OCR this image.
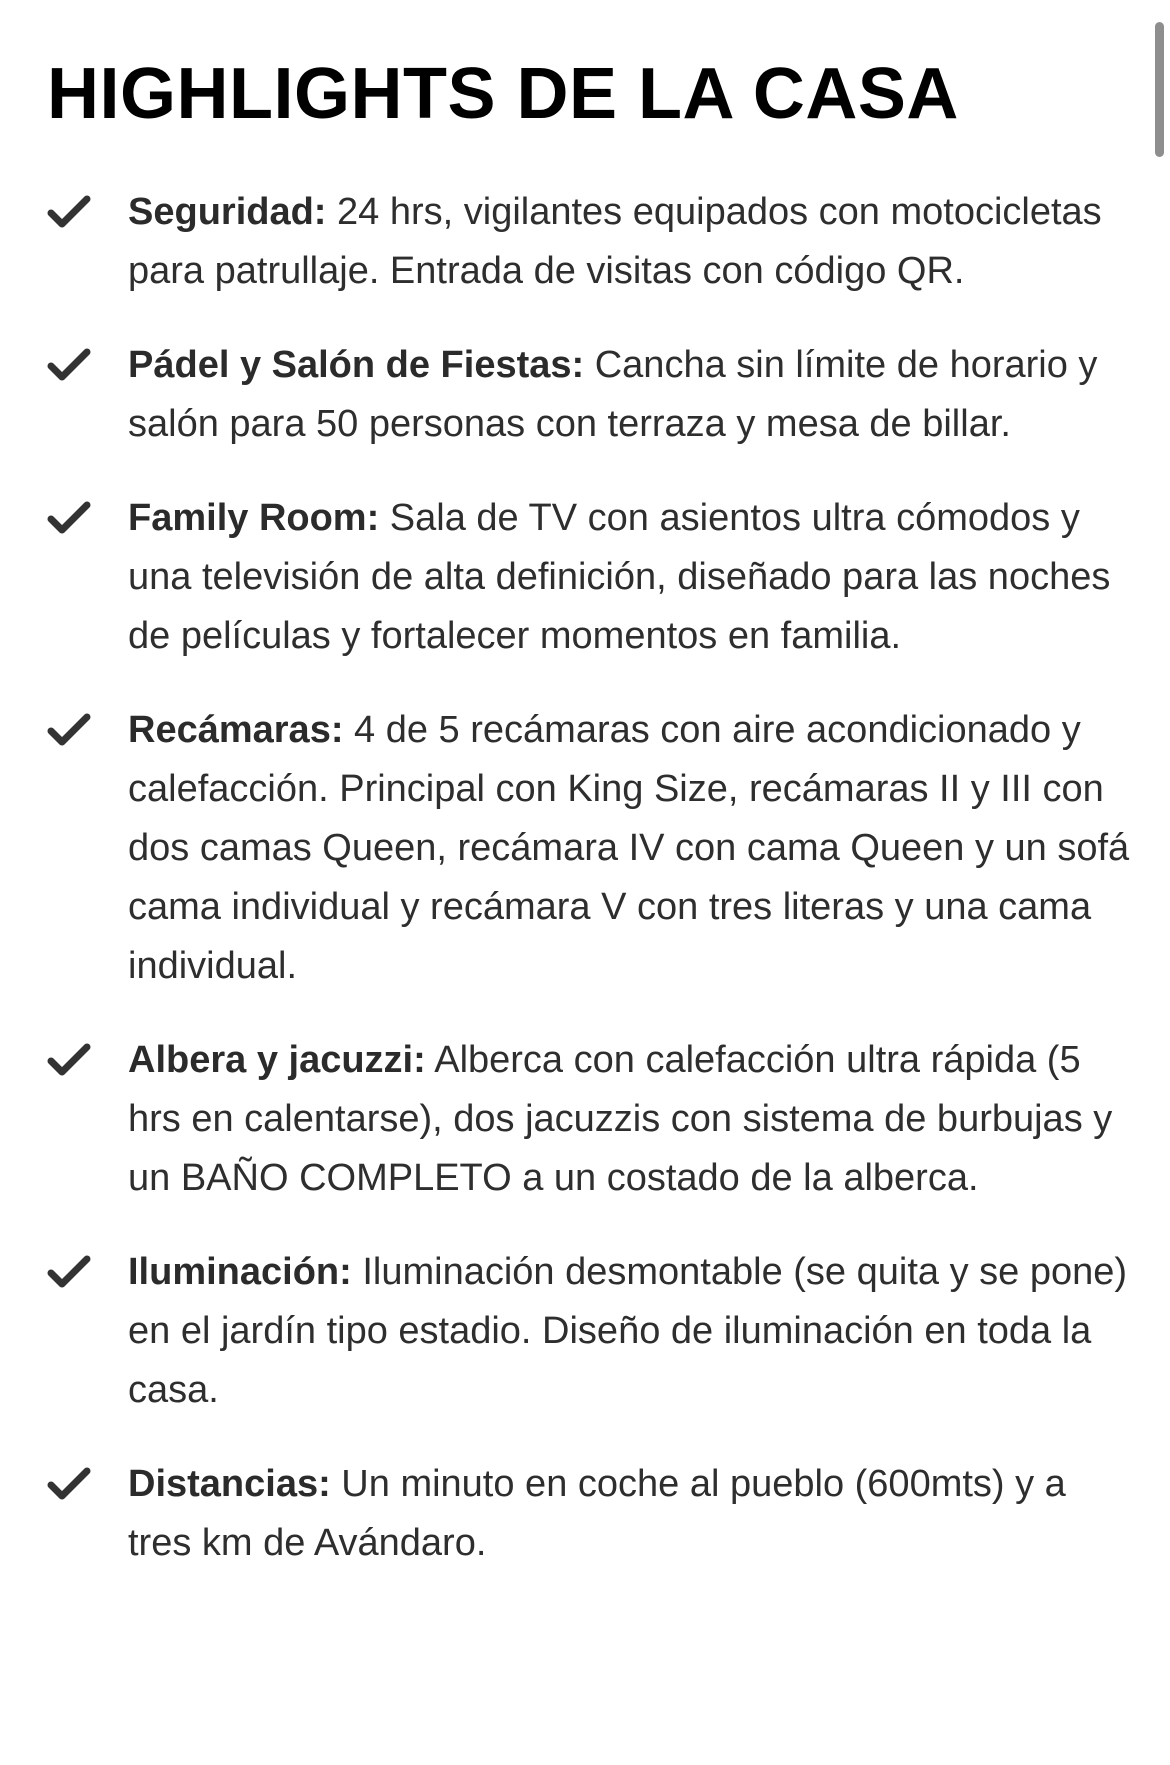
HIGHLIGHTS DE LA CASA
Seguridad: 24 hrs, vigilantes equipados con motocicletas para patrullaje. Entrada de visitas con código QR.
Pádel y Salón de Fiestas: Cancha sin límite de horario y salón para 50 personas con terraza y mesa de billar.
Family Room: Sala de TV con asientos ultra cómodos y una televisión de alta definición, diseñado para las noches de películas y fortalecer momentos en familia.
Recámaras: 4 de 5 recámaras con aire acondicionado y calefacción. Principal con King Size, recámaras II y III con dos camas Queen, recámara IV con cama Queen y un sofá cama individual y recámara V con tres literas y una cama individual.
Albera y jacuzzi: Alberca con calefacción ultra rápida (5 hrs en calentarse), dos jacuzzis con sistema de burbujas y un BAÑO COMPLETO a un costado de la alberca.
Iluminación: Iluminación desmontable (se quita y se pone) en el jardín tipo estadio. Diseño de iluminación en toda la casa.
Distancias: Un minuto en coche al pueblo (600mts) y a tres km de Avándaro.
